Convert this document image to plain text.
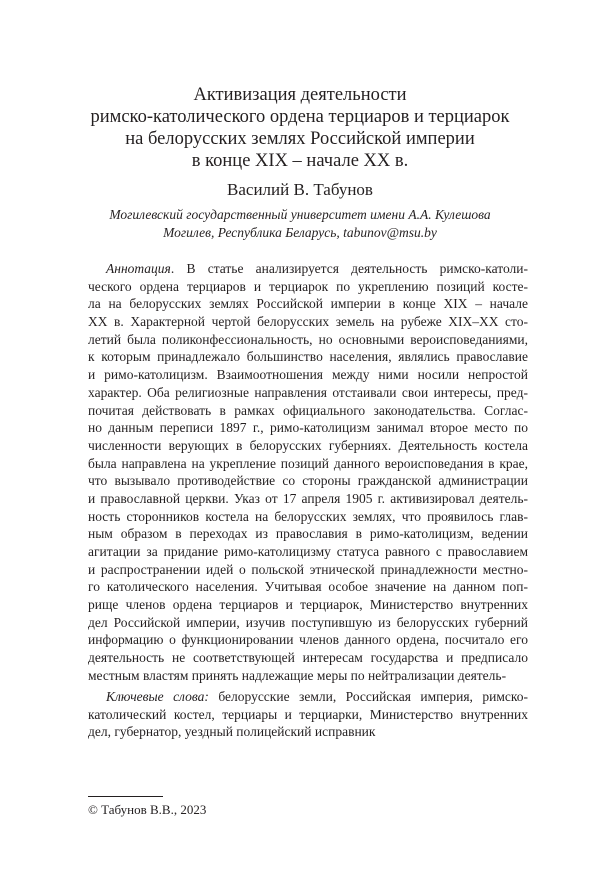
Активизация деятельности
римско-католического ордена терциаров и терциарок
на белорусских землях Российской империи
в конце XIX – начале XX в.
Василий В. Табунов
Могилевский государственный университет имени А.А. Кулешова
Могилев, Республика Беларусь, tabunov@msu.by
Аннотация. В статье анализируется деятельность римско-католи-
ческого ордена терциаров и терциарок по укреплению позиций косте-
ла на белорусских землях Российской империи в конце XIX – начале
XX в. Характерной чертой белорусских земель на рубеже XIX–XX сто-
летий была поликонфессиональность, но основными вероисповеданиями,
к которым принадлежало большинство населения, являлись православие
и римо-католицизм. Взаимоотношения между ними носили непростой
характер. Оба религиозные направления отстаивали свои интересы, пред-
почитая действовать в рамках официального законодательства. Соглас-
но данным переписи 1897 г., римо-католицизм занимал второе место по
численности верующих в белорусских губерниях. Деятельность костела
была направлена на укрепление позиций данного вероисповедания в крае,
что вызывало противодействие со стороны гражданской администрации
и православной церкви. Указ от 17 апреля 1905 г. активизировал деятель-
ность сторонников костела на белорусских землях, что проявилось глав-
ным образом в переходах из православия в римо-католицизм, ведении
агитации за придание римо-католицизму статуса равного с православием
и распространении идей о польской этнической принадлежности местно-
го католического населения. Учитывая особое значение на данном поп-
рище членов ордена терциаров и терциарок, Министерство внутренних
дел Российской империи, изучив поступившую из белорусских губерний
информацию о функционировании членов данного ордена, посчитало его
деятельность не соответствующей интересам государства и предписало
местным властям принять надлежащие меры по нейтрализации деятель-
Ключевые слова: белорусские земли, Российская империя, римско-
католический костел, терциары и терциарки, Министерство внутренних
дел, губернатор, уездный полицейский исправник
© Табунов В.В., 2023
